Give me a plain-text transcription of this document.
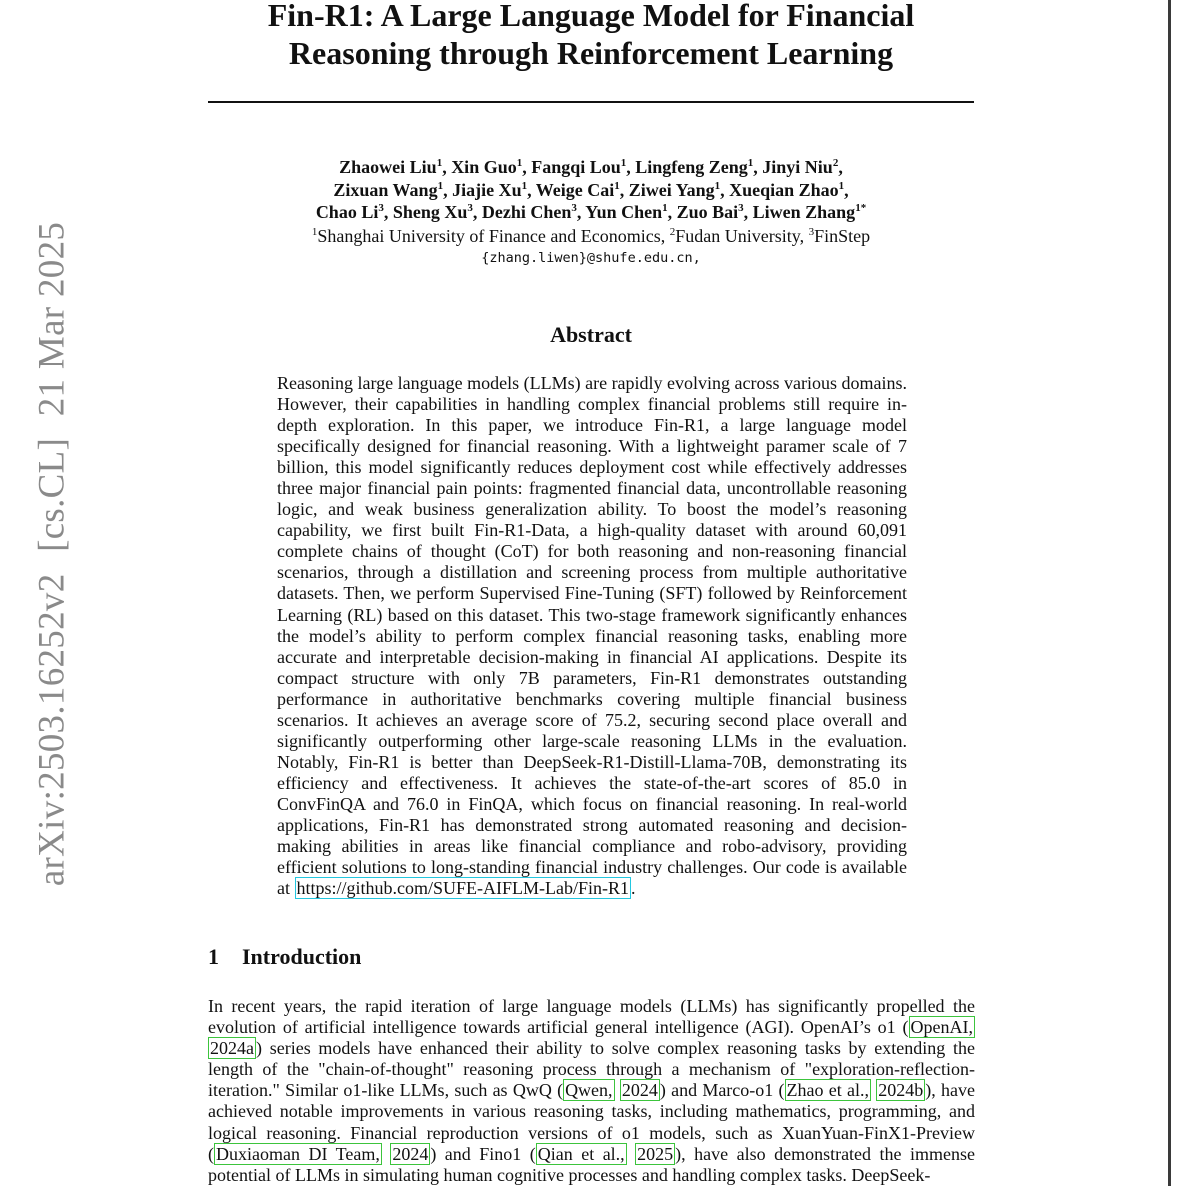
arXiv:2503.16252v2 [cs.CL] 21 Mar 2025
Fin-R1: A Large Language Model for Financial
Reasoning through Reinforcement Learning
Zhaowei Liu$^1$, Xin Guo$^1$, Fangqi Lou$^1$, Lingfeng Zeng$^1$, Jinyi Niu$^2$,
Zixuan Wang$^1$, Jiajie Xu$^1$, Weige Cai$^1$, Ziwei Yang$^1$, Xueqian Zhao$^1$,
Chao Li$^3$, Sheng Xu$^3$, Dezhi Chen$^3$, Yun Chen$^1$, Zuo Bai$^3$, Liwen Zhang$^{1*}$
$^1$Shanghai University of Finance and Economics, $^2$Fudan University, $^3$FinStep
{zhang.liwen}@shufe.edu.cn,
Abstract
Reasoning large language models (LLMs) are rapidly evolving across various domains. However, their capabilities in handling complex financial problems still require in-depth exploration. In this paper, we introduce Fin-R1, a large language model specifically designed for financial reasoning. With a lightweight paramer scale of 7 billion, this model significantly reduces deployment cost while effectively addresses three major financial pain points: fragmented financial data, uncontrollable reasoning logic, and weak business generalization ability. To boost the model’s reasoning capability, we first built Fin-R1-Data, a high-quality dataset with around 60,091 complete chains of thought (CoT) for both reasoning and non-reasoning financial scenarios, through a distillation and screening process from multiple authoritative datasets. Then, we perform Supervised Fine-Tuning (SFT) followed by Reinforcement Learning (RL) based on this dataset. This two-stage framework significantly enhances the model’s ability to perform complex financial reasoning tasks, enabling more accurate and interpretable decision-making in financial AI applications. Despite its compact structure with only 7B parameters, Fin-R1 demonstrates outstanding performance in authoritative benchmarks covering multiple financial business scenarios. It achieves an average score of 75.2, securing second place overall and significantly outperforming other large-scale reasoning LLMs in the evaluation. Notably, Fin-R1 is better than DeepSeek-R1-Distill-Llama-70B, demonstrating its efficiency and effectiveness. It achieves the state-of-the-art scores of 85.0 in ConvFinQA and 76.0 in FinQA, which focus on financial reasoning. In real-world applications, Fin-R1 has demonstrated strong automated reasoning and decision-making abilities in areas like financial compliance and robo-advisory, providing efficient solutions to long-standing financial industry challenges. Our code is available at https://github.com/SUFE-AIFLM-Lab/Fin-R1 .
1 Introduction
In recent years, the rapid iteration of large language models (LLMs) has significantly propelled the evolution of artificial intelligence towards artificial general intelligence (AGI). OpenAI’s o1 ( OpenAI, 2024a ) series models have enhanced their ability to solve complex reasoning tasks by extending the length of the "chain-of-thought" reasoning process through a mechanism of "exploration-reflection-iteration." Similar o1-like LLMs, such as QwQ ( Qwen, 2024 ) and Marco-o1 ( Zhao et al., 2024b ), have achieved notable improvements in various reasoning tasks, including mathematics, programming, and logical reasoning. Financial reproduction versions of o1 models, such as XuanYuan-FinX1-Preview ( Duxiaoman DI Team, 2024 ) and Fino1 ( Qian et al., 2025 ), have also demonstrated the immense potential of LLMs in simulating human cognitive processes and handling complex tasks. DeepSeek-
